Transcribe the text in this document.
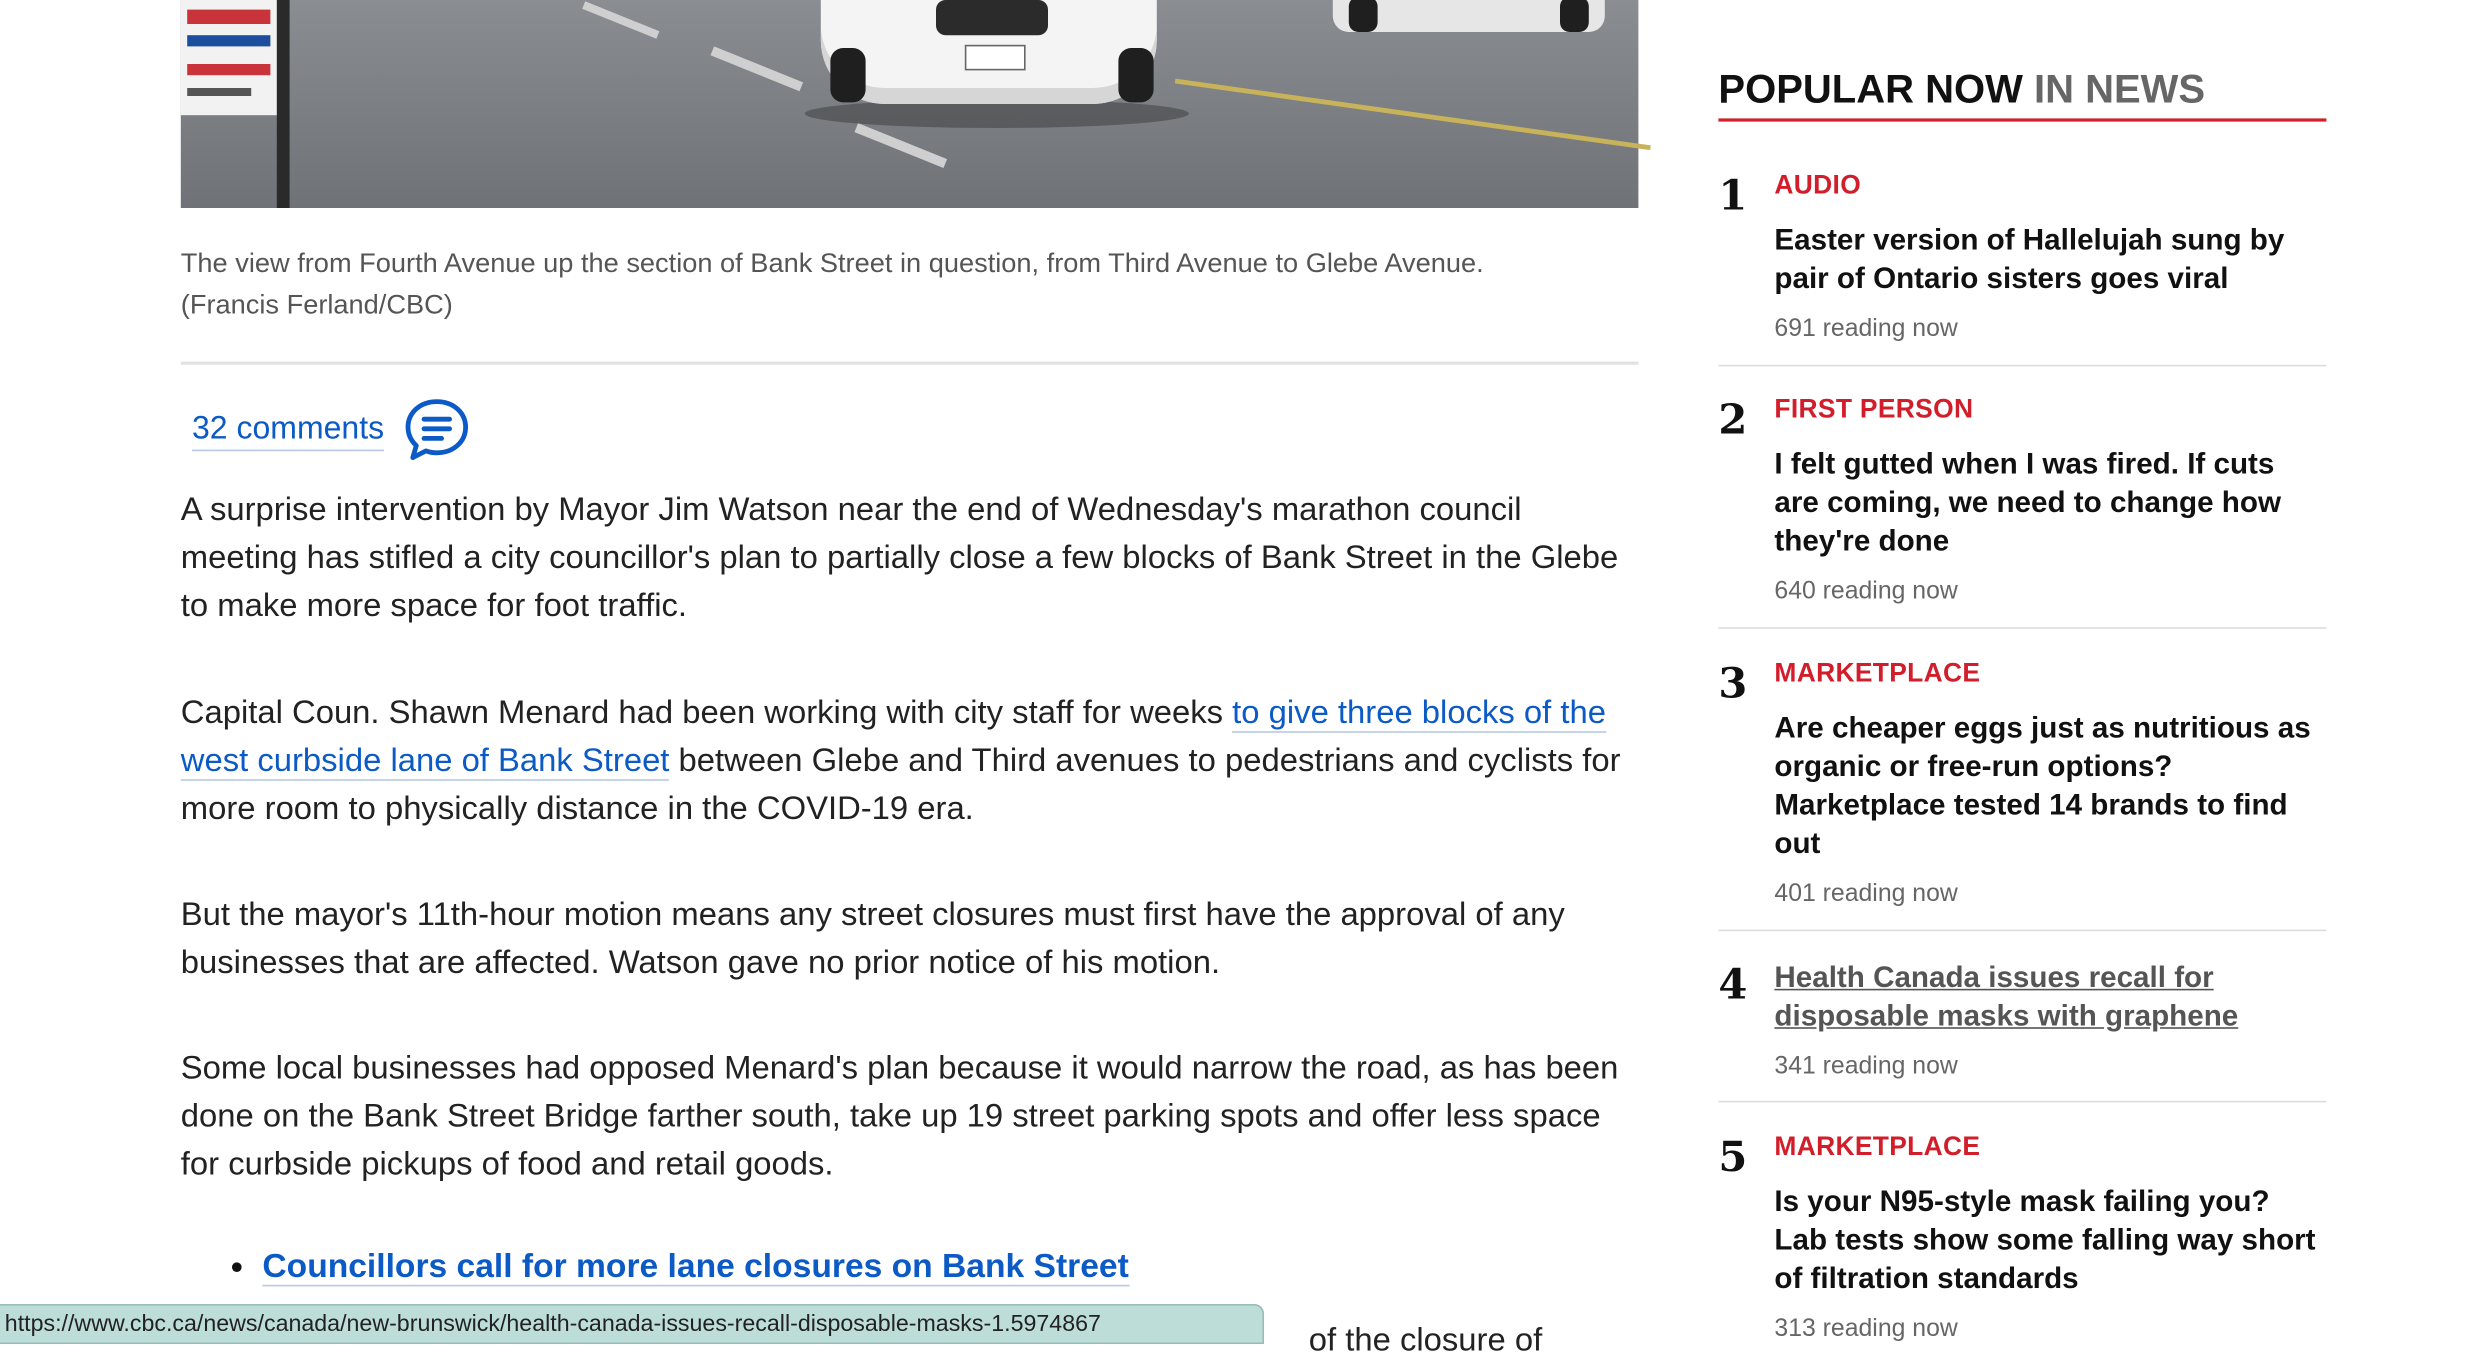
The view from Fourth Avenue up the section of Bank Street in question, from Third Avenue to Glebe Avenue.
(Francis Ferland/CBC)
32 comments

A surprise intervention by Mayor Jim Watson near the end of Wednesday's marathon council meeting has stifled a city councillor's plan to partially close a few blocks of Bank Street in the Glebe to make more space for foot traffic.

Capital Coun. Shawn Menard had been working with city staff for weeks to give three blocks of the west curbside lane of Bank Street between Glebe and Third avenues to pedestrians and cyclists for more room to physically distance in the COVID-19 era.

But the mayor's 11th-hour motion means any street closures must first have the approval of any businesses that are affected. Watson gave no prior notice of his motion.

Some local businesses had opposed Menard's plan because it would narrow the road, as has been done on the Bank Street Bridge farther south, take up 19 street parking spots and offer less space for curbside pickups of food and retail goods.

• Councillors call for more lane closures on Bank Street
POPULAR NOW IN NEWS
1 AUDIO
Easter version of Hallelujah sung by pair of Ontario sisters goes viral
691 reading now
2 FIRST PERSON
I felt gutted when I was fired. If cuts are coming, we need to change how they're done
640 reading now
3 MARKETPLACE
Are cheaper eggs just as nutritious as organic or free-run options? Marketplace tested 14 brands to find out
401 reading now
4 Health Canada issues recall for disposable masks with graphene
341 reading now
5 MARKETPLACE
Is your N95-style mask failing you? Lab tests show some falling way short of filtration standards
313 reading now
of the closure of
https://www.cbc.ca/news/canada/new-brunswick/health-canada-issues-recall-disposable-masks-1.5974867
